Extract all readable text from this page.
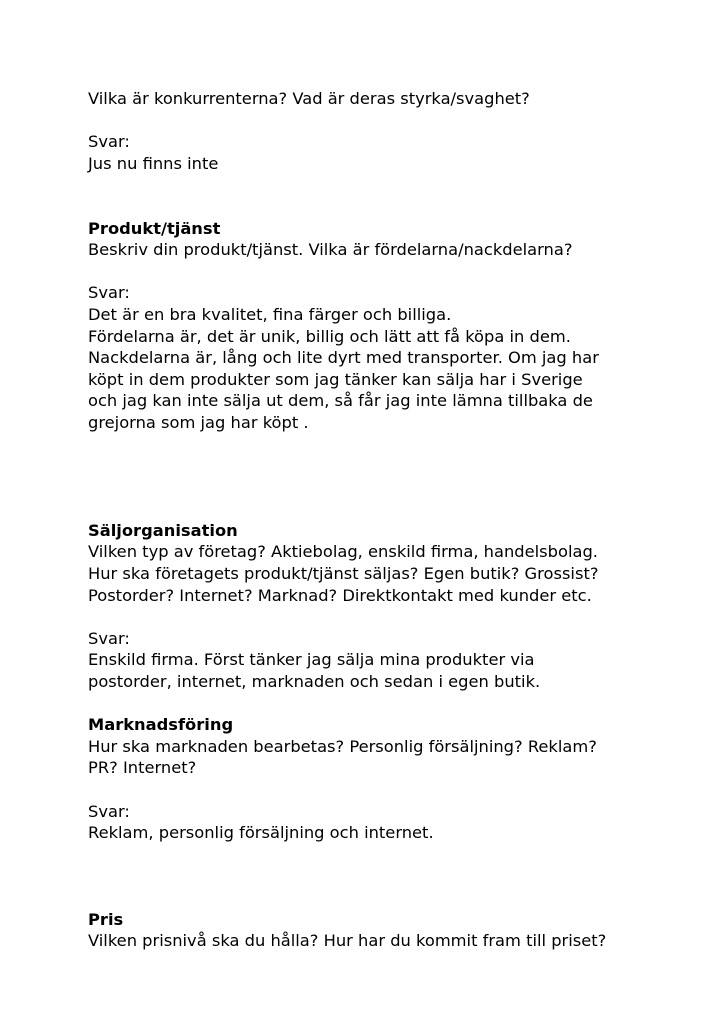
Vilka är konkurrenterna? Vad är deras styrka/svaghet?
Svar:
Jus nu finns inte
Produkt/tjänst
Beskriv din produkt/tjänst. Vilka är fördelarna/nackdelarna?
Svar:
Det är en bra kvalitet, fina färger och billiga.
Fördelarna är, det är unik, billig och lätt att få köpa in dem.
Nackdelarna är, lång och lite dyrt med transporter. Om jag har
köpt in dem produkter som jag tänker kan sälja har i Sverige
och jag kan inte sälja ut dem, så får jag inte lämna tillbaka de
grejorna som jag har köpt .
Säljorganisation
Vilken typ av företag? Aktiebolag, enskild firma, handelsbolag.
Hur ska företagets produkt/tjänst säljas? Egen butik? Grossist?
Postorder? Internet? Marknad? Direktkontakt med kunder etc.
Svar:
Enskild firma. Först tänker jag sälja mina produkter via
postorder, internet, marknaden och sedan i egen butik.
Marknadsföring
Hur ska marknaden bearbetas? Personlig försäljning? Reklam?
PR? Internet?
Svar:
Reklam, personlig försäljning och internet.
Pris
Vilken prisnivå ska du hålla? Hur har du kommit fram till priset?
